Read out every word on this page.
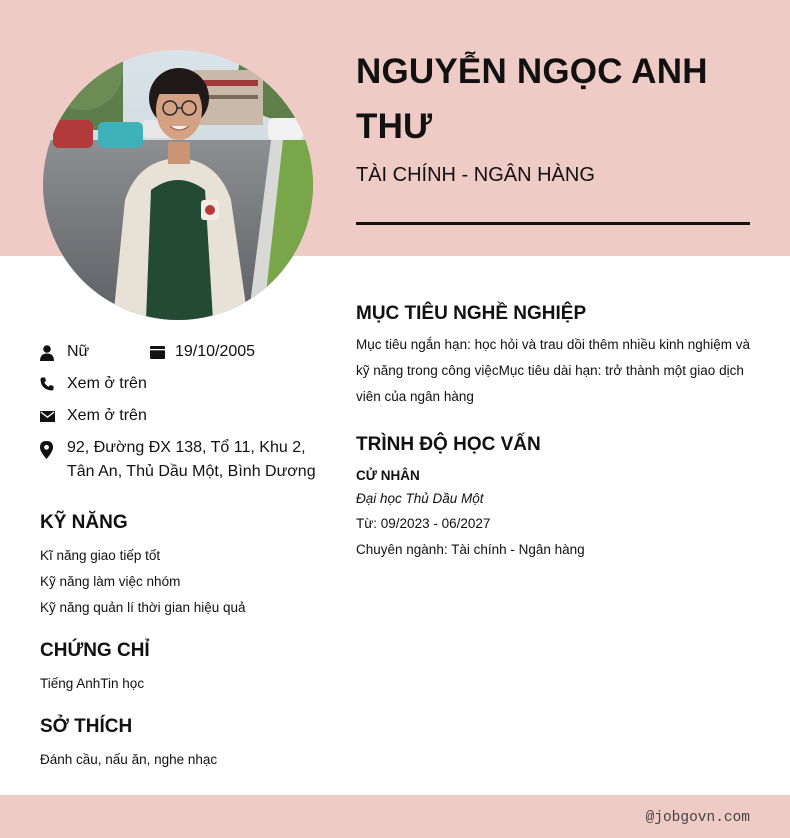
NGUYỄN NGỌC ANH THƯ
TÀI CHÍNH - NGÂN HÀNG
Nữ	19/10/2005
Xem ở trên
Xem ở trên
92, Đường ĐX 138, Tổ 11, Khu 2, Tân An, Thủ Dầu Một, Bình Dương
KỸ NĂNG
Kĩ năng giao tiếp tốt
Kỹ năng làm việc nhóm
Kỹ năng quản lí thời gian hiệu quả
CHỨNG CHỈ
Tiếng AnhTin học
SỞ THÍCH
Đánh cầu, nấu ăn, nghe nhạc
MỤC TIÊU NGHỀ NGHIỆP
Mục tiêu ngắn hạn: học hỏi và trau dồi thêm nhiều kinh nghiệm và kỹ năng trong công việcMục tiêu dài hạn: trở thành một giao dịch viên của ngân hàng
TRÌNH ĐỘ HỌC VẤN
CỬ NHÂN
Đại học Thủ Dầu Một
Từ: 09/2023 - 06/2027
Chuyên ngành: Tài chính - Ngân hàng
@jobgovn.com
